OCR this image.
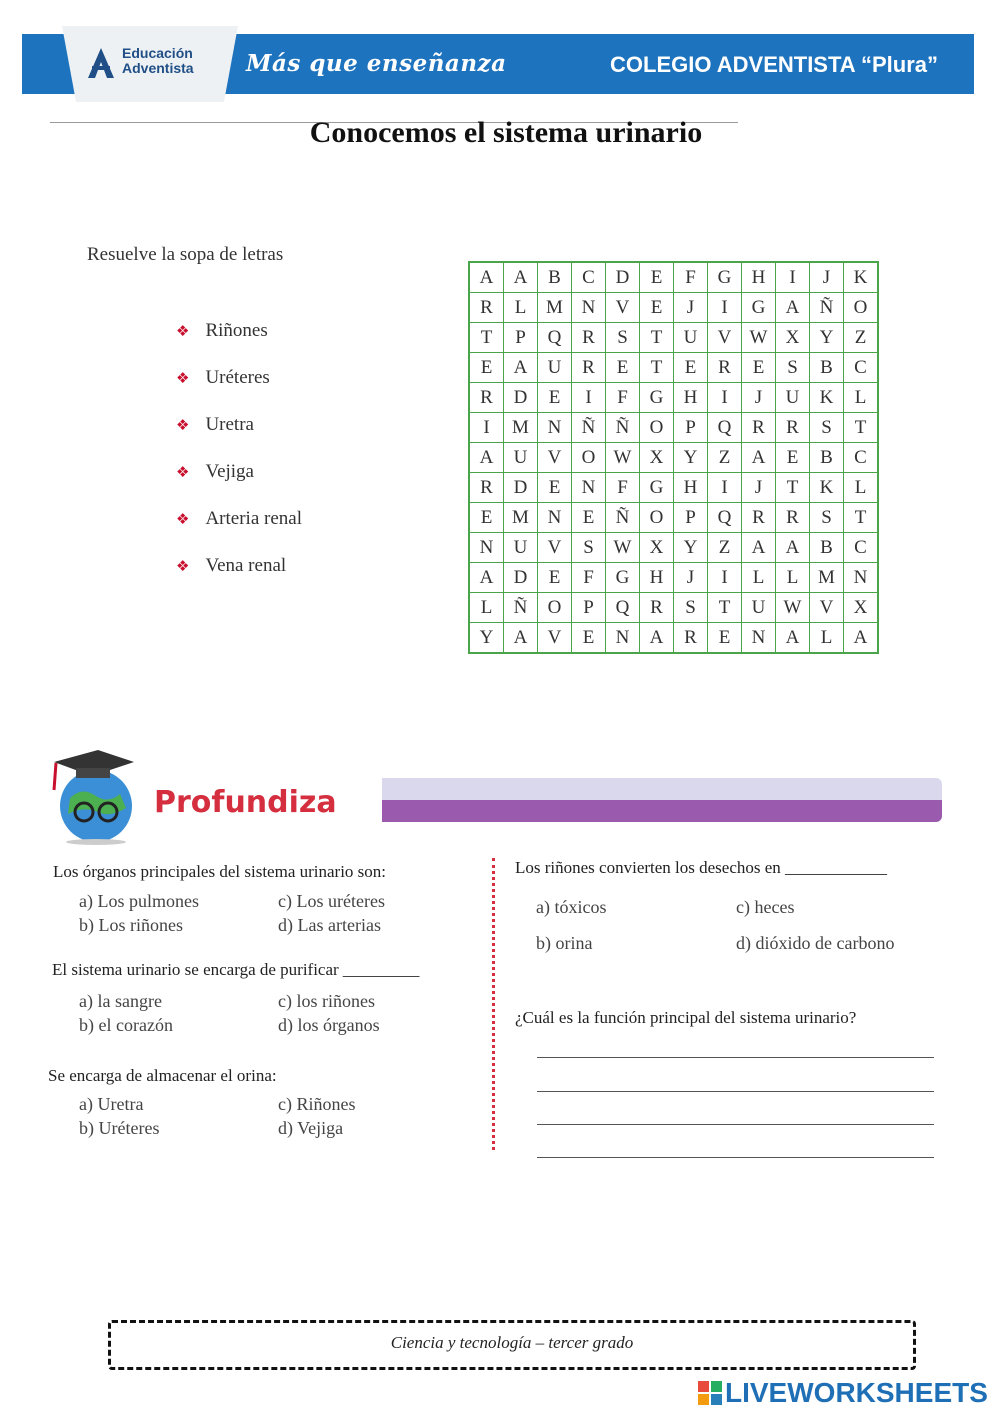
Educación
Adventista Más que enseñanza	COLEGIO ADVENTISTA “Plura”
Conocemos el sistema urinario
Resuelve la sopa de letras
❖ Riñones
❖ Uréteres
❖ Uretra
❖ Vejiga
❖ Arteria renal
❖ Vena renal
A	A	B	C	D	E	F	G	H	I	J	K
R	L	M	N	V	E	J	I	G	A	Ñ	O
T	P	Q	R	S	T	U	V	W	X	Y	Z
E	A	U	R	E	T	E	R	E	S	B	C
R	D	E	I	F	G	H	I	J	U	K	L
I	M	N	Ñ	Ñ	O	P	Q	R	R	S	T
A	U	V	O	W	X	Y	Z	A	E	B	C
R	D	E	N	F	G	H	I	J	T	K	L
E	M	N	E	Ñ	O	P	Q	R	R	S	T
N	U	V	S	W	X	Y	Z	A	A	B	C
A	D	E	F	G	H	J	I	L	L	M	N
L	Ñ	O	P	Q	R	S	T	U	W	V	X
Y	A	V	E	N	A	R	E	N	A	L	A
Profundiza
Los órganos principales del sistema urinario son:
a) Los pulmones
b) Los riñones
c) Los uréteres
d) Las arterias
El sistema urinario se encarga de purificar _________
a) la sangre
b) el corazón
c) los riñones
d) los órganos
Se encarga de almacenar el orina:
a) Uretra
b) Uréteres
c) Riñones
d) Vejiga
Los riñones convierten los desechos en ____________
a) tóxicos
b) orina
c) heces
d) dióxido de carbono
¿Cuál es la función principal del sistema urinario?
Ciencia y tecnología – tercer grado
LIVEWORKSHEETS
